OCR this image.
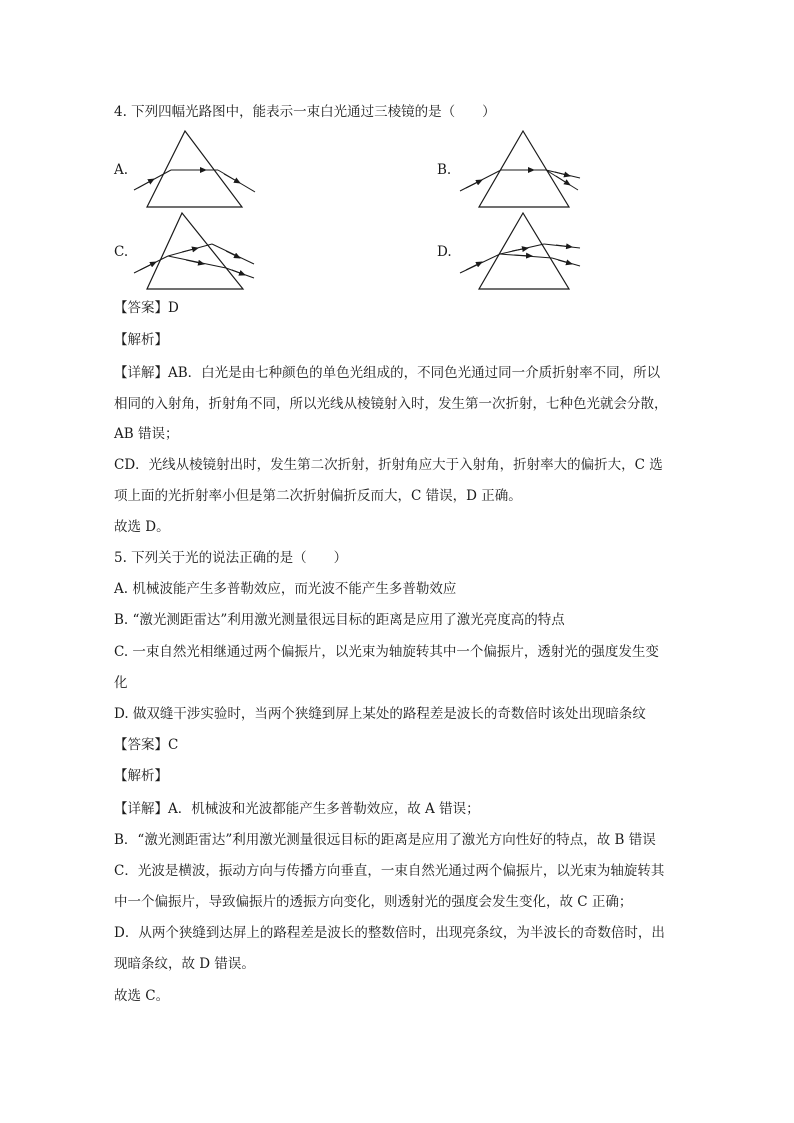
4. 下列四幅光路图中，能表示一束白光通过三棱镜的是（　　）
A.	B.
C.	D.
【答案】D
【解析】
【详解】AB．白光是由七种颜色的单色光组成的，不同色光通过同一介质折射率不同，所以
相同的入射角，折射角不同，所以光线从棱镜射入时，发生第一次折射，七种色光就会分散，
AB 错误；
CD．光线从棱镜射出时，发生第二次折射，折射角应大于入射角，折射率大的偏折大，C 选
项上面的光折射率小但是第二次折射偏折反而大，C 错误，D 正确。
故选 D。
5. 下列关于光的说法正确的是（　　）
A. 机械波能产生多普勒效应，而光波不能产生多普勒效应
B. “激光测距雷达”利用激光测量很远目标的距离是应用了激光亮度高的特点
C. 一束自然光相继通过两个偏振片，以光束为轴旋转其中一个偏振片，透射光的强度发生变
化
D. 做双缝干涉实验时，当两个狭缝到屏上某处的路程差是波长的奇数倍时该处出现暗条纹
【答案】C
【解析】
【详解】A．机械波和光波都能产生多普勒效应，故 A 错误；
B．“激光测距雷达”利用激光测量很远目标的距离是应用了激光方向性好的特点，故 B 错误
C．光波是横波，振动方向与传播方向垂直，一束自然光通过两个偏振片，以光束为轴旋转其
中一个偏振片，导致偏振片的透振方向变化，则透射光的强度会发生变化，故 C 正确；
D．从两个狭缝到达屏上的路程差是波长的整数倍时，出现亮条纹，为半波长的奇数倍时，出
现暗条纹，故 D 错误。
故选 C。
